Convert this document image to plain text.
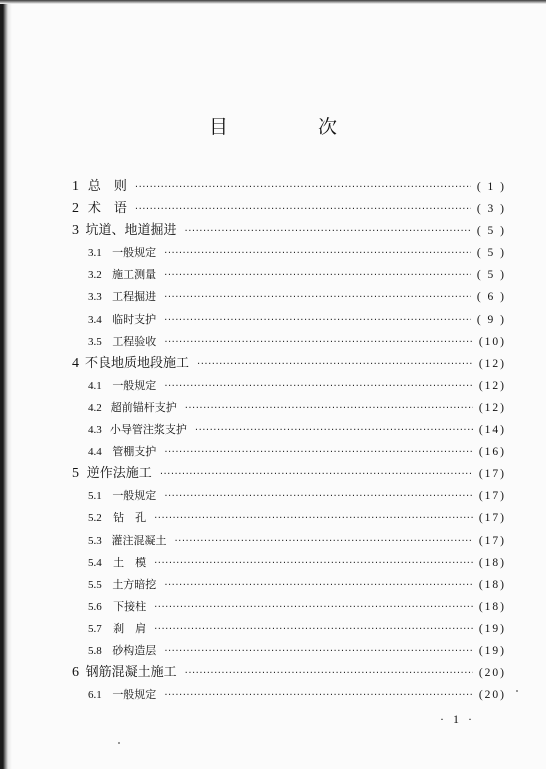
目 次
1 总　则 ·····	( 1 )
2 术　语 ·····	( 3 )
3 坑道、地道掘进 ·····	( 5 )
3.1 一般规定 ·····	( 5 )
3.2 施工测量 ·····	( 5 )
3.3 工程掘进 ·····	( 6 )
3.4 临时支护 ·····	( 9 )
3.5 工程验收 ·····	(10)
4 不良地质地段施工 ·····	(12)
4.1 一般规定 ·····	(12)
4.2 超前锚杆支护 ·····	(12)
4.3 小导管注浆支护 ·····	(14)
4.4 管棚支护 ·····	(16)
5 逆作法施工 ·····	(17)
5.1 一般规定 ·····	(17)
5.2	钻　孔 ·····	(17)
5.3 灌注混凝土 ·····	(17)
5.4	土　模 ·····	(18)
5.5 土方暗挖 ·····	(18)
5.6	下接柱 ·····	(18)
5.7	刹　肩 ·····	(19)
5.8 砂构造层 ·····	(19)
6 钢筋混凝土施工 ·····	(20)
6.1 一般规定 ·····	(20)
· 1 ·
